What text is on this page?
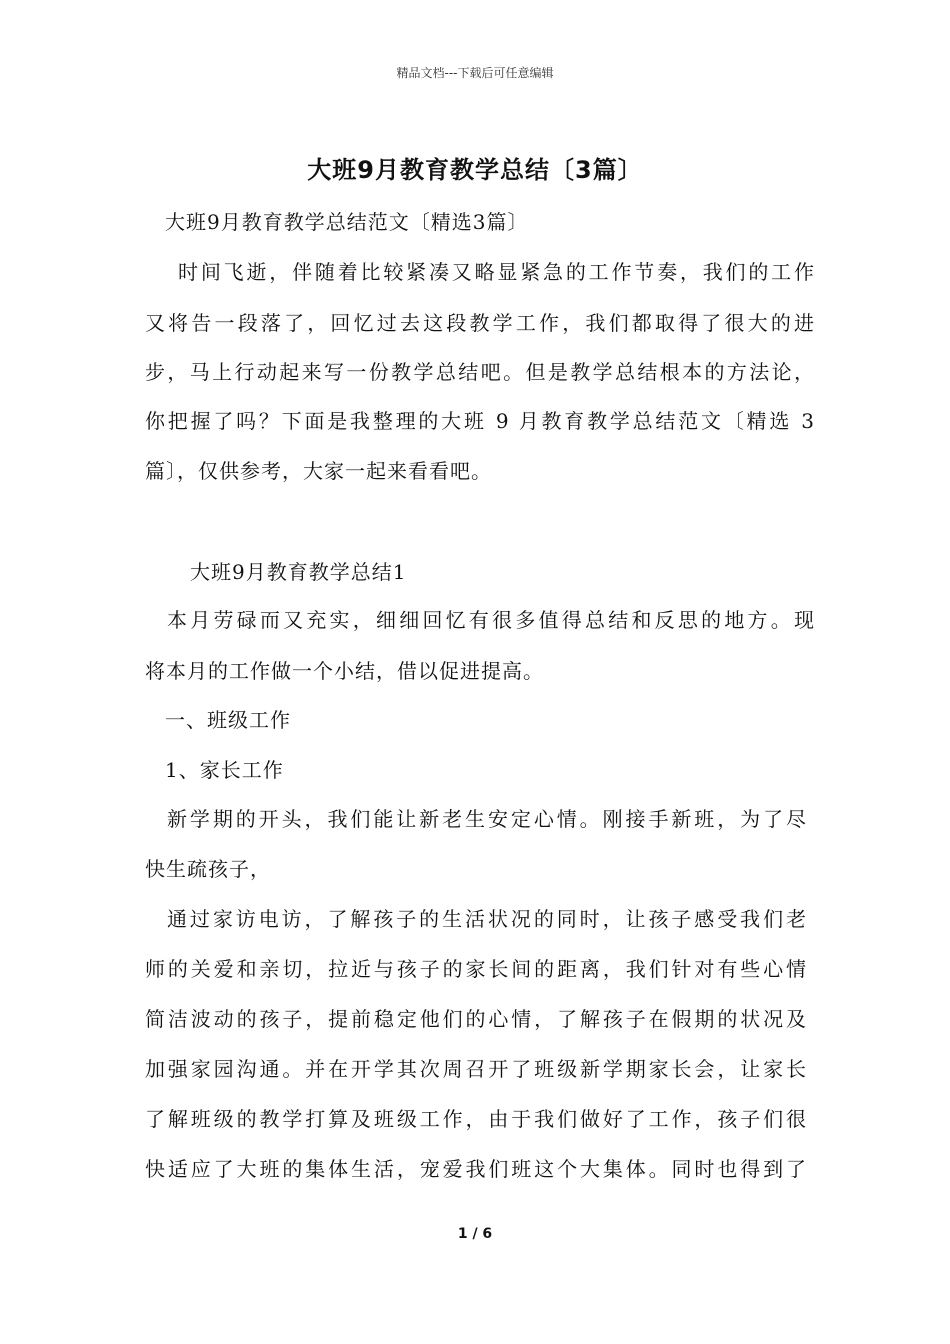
精品文档---下载后可任意编辑
大班9月教育教学总结〔3篇〕
大班9月教育教学总结范文〔精选3篇〕
时间飞逝，伴随着比较紧凑又略显紧急的工作节奏，我们的工作
又将告一段落了，回忆过去这段教学工作，我们都取得了很大的进
步，马上行动起来写一份教学总结吧。但是教学总结根本的方法论，
你把握了吗？下面是我整理的大班 9 月教育教学总结范文〔精选 3
篇〕，仅供参考，大家一起来看看吧。
大班9月教育教学总结1
本月劳碌而又充实，细细回忆有很多值得总结和反思的地方。现
将本月的工作做一个小结，借以促进提高。
一、班级工作
1、家长工作
新学期的开头，我们能让新老生安定心情。刚接手新班，为了尽
快生疏孩子，
通过家访电访，了解孩子的生活状况的同时，让孩子感受我们老
师的关爱和亲切，拉近与孩子的家长间的距离，我们针对有些心情
简洁波动的孩子，提前稳定他们的心情，了解孩子在假期的状况及
加强家园沟通。并在开学其次周召开了班级新学期家长会，让家长
了解班级的教学打算及班级工作，由于我们做好了工作，孩子们很
快适应了大班的集体生活，宠爱我们班这个大集体。同时也得到了
1 / 6
